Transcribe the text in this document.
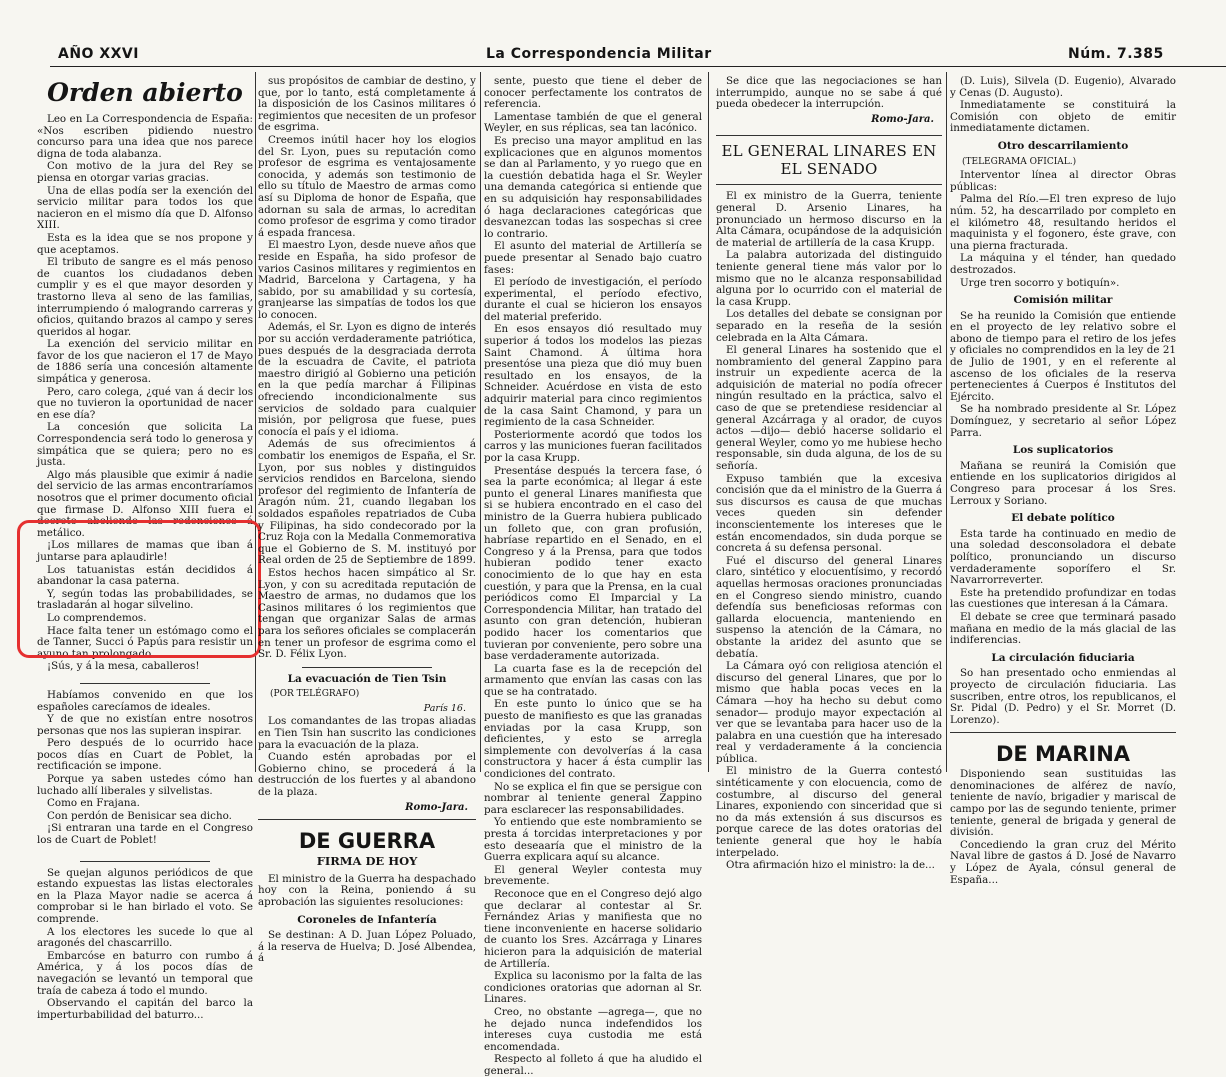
AÑO XXVI	La Correspondencia Militar	Núm. 7.385
Orden abierto

Leo en La Correspondencia de España: «Nos escriben pidiendo nuestro concurso para una idea que nos parece digna de toda alabanza.

Con motivo de la jura del Rey se piensa en otorgar varias gracias.

Una de ellas podía ser la exención del servicio militar para todos los que nacieron en el mismo día que D. Alfonso XIII.

Esta es la idea que se nos propone y que aceptamos.

El tributo de sangre es el más penoso de cuantos los ciudadanos deben cumplir y es el que mayor desorden y trastorno lleva al seno de las familias, interrumpiendo ó malogrando carreras y oficios, quitando brazos al campo y seres queridos al hogar.

La exención del servicio militar en favor de los que nacieron el 17 de Mayo de 1886 sería una concesión altamente simpática y generosa.

Pero, caro colega, ¿qué van á decir los que no tuvieron la oportunidad de nacer en ese día?

La concesión que solicita La Correspondencia será todo lo generosa y simpática que se quiera; pero no es justa.

Algo más plausible que eximir á nadie del servicio de las armas encontraríamos nosotros que el primer documento oficial que firmase D. Alfonso XIII fuera el decreto aboliendo las redenciones á metálico.

¡Los millares de mamas que iban á juntarse para aplaudirle!

Los tatuanistas están decididos á abandonar la casa paterna.

Y, según todas las probabilidades, se trasladarán al hogar silvelino.

Lo comprendemos.

Hace falta tener un estómago como el de Tanner, Succi ó Papús para resistir un ayuno tan prolongado.

¡Sús, y á la mesa, caballeros!

Habíamos convenido en que los españoles carecíamos de ideales.

Y de que no existían entre nosotros personas que nos las supieran inspirar.

Pero después de lo ocurrido hace pocos días en Cuart de Poblet, la rectificación se impone.

Porque ya saben ustedes cómo han luchado allí liberales y silvelistas.

Como en Frajana.

Con perdón de Benisicar sea dicho.

¡Si entraran una tarde en el Congreso los de Cuart de Poblet!

Se quejan algunos periódicos de que estando expuestas las listas electorales en la Plaza Mayor nadie se acerca á comprobar si le han birlado el voto. Se comprende.

A los electores les sucede lo que al aragonés del chascarrillo.

Embarcóse en baturro con rumbo á América, y á los pocos días de navegación se levantó un temporal que traía de cabeza á todo el mundo.

Observando el capitán del barco la imperturbabilidad del baturro...

sus propósitos de cambiar de destino, y que, por lo tanto, está completamente á la disposición de los Casinos militares ó regimientos que necesiten de un profesor de esgrima.

Creemos inútil hacer hoy los elogios del Sr. Lyon, pues su reputación como profesor de esgrima es ventajosamente conocida, y además son testimonio de ello su título de Maestro de armas como así su Diploma de honor de España, que adornan su sala de armas, lo acreditan como profesor de esgrima y como tirador á espada francesa.

El maestro Lyon, desde nueve años que reside en España, ha sido profesor de varios Casinos militares y regimientos en Madrid, Barcelona y Cartagena, y ha sabido, por su amabilidad y su cortesía, granjearse las simpatías de todos los que lo conocen.

Además, el Sr. Lyon es digno de interés por su acción verdaderamente patriótica, pues después de la desgraciada derrota de la escuadra de Cavite, el patriota maestro dirigió al Gobierno una petición en la que pedía marchar á Filipinas ofreciendo incondicionalmente sus servicios de soldado para cualquier misión, por peligrosa que fuese, pues conocía el país y el idioma.

Además de sus ofrecimientos á combatir los enemigos de España, el Sr. Lyon, por sus nobles y distinguidos servicios rendidos en Barcelona, siendo profesor del regimiento de Infantería de Aragón núm. 21, cuando llegaban los soldados españoles repatriados de Cuba y Filipinas, ha sido condecorado por la Cruz Roja con la Medalla Conmemorativa que el Gobierno de S. M. instituyó por Real orden de 25 de Septiembre de 1899.

Estos hechos hacen simpático al Sr. Lyon, y con su acreditada reputación de Maestro de armas, no dudamos que los Casinos militares ó los regimientos que tengan que organizar Salas de armas para los señores oficiales se complacerán en tener un profesor de esgrima como el Sr. D. Félix Lyon.

La evacuación de Tien Tsin
(POR TELÉGRAFO)
París 16.

Los comandantes de las tropas aliadas en Tien Tsin han suscrito las condiciones para la evacuación de la plaza.

Cuando estén aprobadas por el Gobierno chino, se procederá á la destrucción de los fuertes y al abandono de la plaza.

Romo-Jara.
DE GUERRA
FIRMA DE HOY

El ministro de la Guerra ha despachado hoy con la Reina, poniendo á su aprobación las siguientes resoluciones:

Coroneles de Infantería

Se destinan: A D. Juan López Poluado, á la reserva de Huelva; D. José Albendea, á

sente, puesto que tiene el deber de conocer perfectamente los contratos de referencia.

Lamentase también de que el general Weyler, en sus réplicas, sea tan lacónico.

Es preciso una mayor amplitud en las explicaciones que en algunos momentos se dan al Parlamento, y yo ruego que en la cuestión debatida haga el Sr. Weyler una demanda categórica si entiende que en su adquisición hay responsabilidades ó haga declaraciones categóricas que desvanezcan todas las sospechas si cree lo contrario.

El asunto del material de Artillería se puede presentar al Senado bajo cuatro fases:

El período de investigación, el período experimental, el período efectivo, durante el cual se hicieron los ensayos del material preferido.

En esos ensayos dió resultado muy superior á todos los modelos las piezas Saint Chamond. Á última hora presentóse una pieza que dió muy buen resultado en los ensayos, de la Schneider. Acuérdose en vista de esto adquirir material para cinco regimientos de la casa Saint Chamond, y para un regimiento de la casa Schneider.

Posteriormente acordó que todos los carros y las municiones fueran facilitados por la casa Krupp.

Presentáse después la tercera fase, ó sea la parte económica; al llegar á este punto el general Linares manifiesta que si se hubiera encontrado en el caso del ministro de la Guerra hubiera publicado un folleto que, con gran profusión, habríase repartido en el Senado, en el Congreso y á la Prensa, para que todos hubieran podido tener exacto conocimiento de lo que hay en esta cuestión, y para que la Prensa, en la cual periódicos como El Imparcial y La Correspondencia Militar, han tratado del asunto con gran detención, hubieran podido hacer los comentarios que tuvieran por conveniente, pero sobre una base verdaderamente autorizada.

La cuarta fase es la de recepción del armamento que envían las casas con las que se ha contratado.

En este punto lo único que se ha puesto de manifiesto es que las granadas enviadas por la casa Krupp, son deficientes, y esto se arregla simplemente con devolverías á la casa constructora y hacer á ésta cumplir las condiciones del contrato.

No se explica el fin que se persigue con nombrar al teniente general Zappino para esclarecer las responsabilidades.

Yo entiendo que este nombramiento se presta á torcidas interpretaciones y por esto deseaaría que el ministro de la Guerra explicara aquí su alcance.

El general Weyler contesta muy brevemente.

Reconoce que en el Congreso dejó algo que declarar al contestar al Sr. Fernández Arias y manifiesta que no tiene inconveniente en hacerse solidario de cuanto los Sres. Azcárraga y Linares hicieron para la adquisición de material de Artillería.

Explica su laconismo por la falta de las condiciones oratorias que adornan al Sr. Linares.

Creo, no obstante —agrega—, que no he dejado nunca indefendidos los intereses cuya custodia me está encomendada.

Respecto al folleto á que ha aludido el general...

Se dice que las negociaciones se han interrumpido, aunque no se sabe á qué pueda obedecer la interrupción.

Romo-Jara.
EL GENERAL LINARES EN EL SENADO

El ex ministro de la Guerra, teniente general D. Arsenio Linares, ha pronunciado un hermoso discurso en la Alta Cámara, ocupándose de la adquisición de material de artillería de la casa Krupp.

La palabra autorizada del distinguido teniente general tiene más valor por lo mismo que no le alcanza responsabilidad alguna por lo ocurrido con el material de la casa Krupp.

Los detalles del debate se consignan por separado en la reseña de la sesión celebrada en la Alta Cámara.

El general Linares ha sostenido que el nombramiento del general Zappino para instruir un expediente acerca de la adquisición de material no podía ofrecer ningún resultado en la práctica, salvo el caso de que se pretendiese residenciar al general Azcárraga y al orador, de cuyos actos —dijo— debió hacerse solidario el general Weyler, como yo me hubiese hecho responsable, sin duda alguna, de los de su señoría.

Expuso también que la excesiva concisión que da el ministro de la Guerra á sus discursos es causa de que muchas veces queden sin defender inconscientemente los intereses que le están encomendados, sin duda porque se concreta á su defensa personal.

Fué el discurso del general Linares claro, sintético y elocuentísimo, y recordó aquellas hermosas oraciones pronunciadas en el Congreso siendo ministro, cuando defendía sus beneficiosas reformas con gallarda elocuencia, manteniendo en suspenso la atención de la Cámara, no obstante la aridez del asunto que se debatía.

La Cámara oyó con religiosa atención el discurso del general Linares, que por lo mismo que habla pocas veces en la Cámara —hoy ha hecho su debut como senador— produjo mayor expectación al ver que se levantaba para hacer uso de la palabra en una cuestión que ha interesado real y verdaderamente á la conciencia pública.

El ministro de la Guerra contestó sintéticamente y con elocuencia, como de costumbre, al discurso del general Linares, exponiendo con sinceridad que si no da más extensión á sus discursos es porque carece de las dotes oratorias del teniente general que hoy le había interpelado.

Otra afirmación hizo el ministro: la de...

(D. Luis), Silvela (D. Eugenio), Alvarado y Cenas (D. Augusto).

Inmediatamente se constituirá la Comisión con objeto de emitir inmediatamente dictamen.

Otro descarrilamiento
(TELEGRAMA OFICIAL.)

Interventor línea al director Obras públicas:

Palma del Río.—El tren expreso de lujo núm. 52, ha descarrilado por completo en el kilómetro 48, resultando heridos el maquinista y el fogonero, éste grave, con una pierna fracturada.

La máquina y el ténder, han quedado destrozados.

Urge tren socorro y botiquín».

Comisión militar

Se ha reunido la Comisión que entiende en el proyecto de ley relativo sobre el abono de tiempo para el retiro de los jefes y oficiales no comprendidos en la ley de 21 de Julio de 1901, y en el referente al ascenso de los oficiales de la reserva pertenecientes á Cuerpos é Institutos del Ejército.

Se ha nombrado presidente al Sr. López Domínguez, y secretario al señor López Parra.

Los suplicatorios

Mañana se reunirá la Comisión que entiende en los suplicatorios dirigidos al Congreso para procesar á los Sres. Lerroux y Soriano.

El debate político

Esta tarde ha continuado en medio de una soledad desconsoladora el debate político, pronunciando un discurso verdaderamente soporífero el Sr. Navarrorreverter.

Este ha pretendido profundizar en todas las cuestiones que interesan á la Cámara.

El debate se cree que terminará pasado mañana en medio de la más glacial de las indiferencias.

La circulación fiduciaria

So han presentado ocho enmiendas al proyecto de circulación fiduciaria. Las suscriben, entre otros, los republicanos, el Sr. Pidal (D. Pedro) y el Sr. Morret (D. Lorenzo).

DE MARINA

Disponiendo sean sustituidas las denominaciones de alférez de navío, teniente de navío, brigadier y mariscal de campo por las de segundo teniente, primer teniente, general de brigada y general de división.

Concediendo la gran cruz del Mérito Naval libre de gastos á D. José de Navarro y López de Ayala, cónsul general de España...
